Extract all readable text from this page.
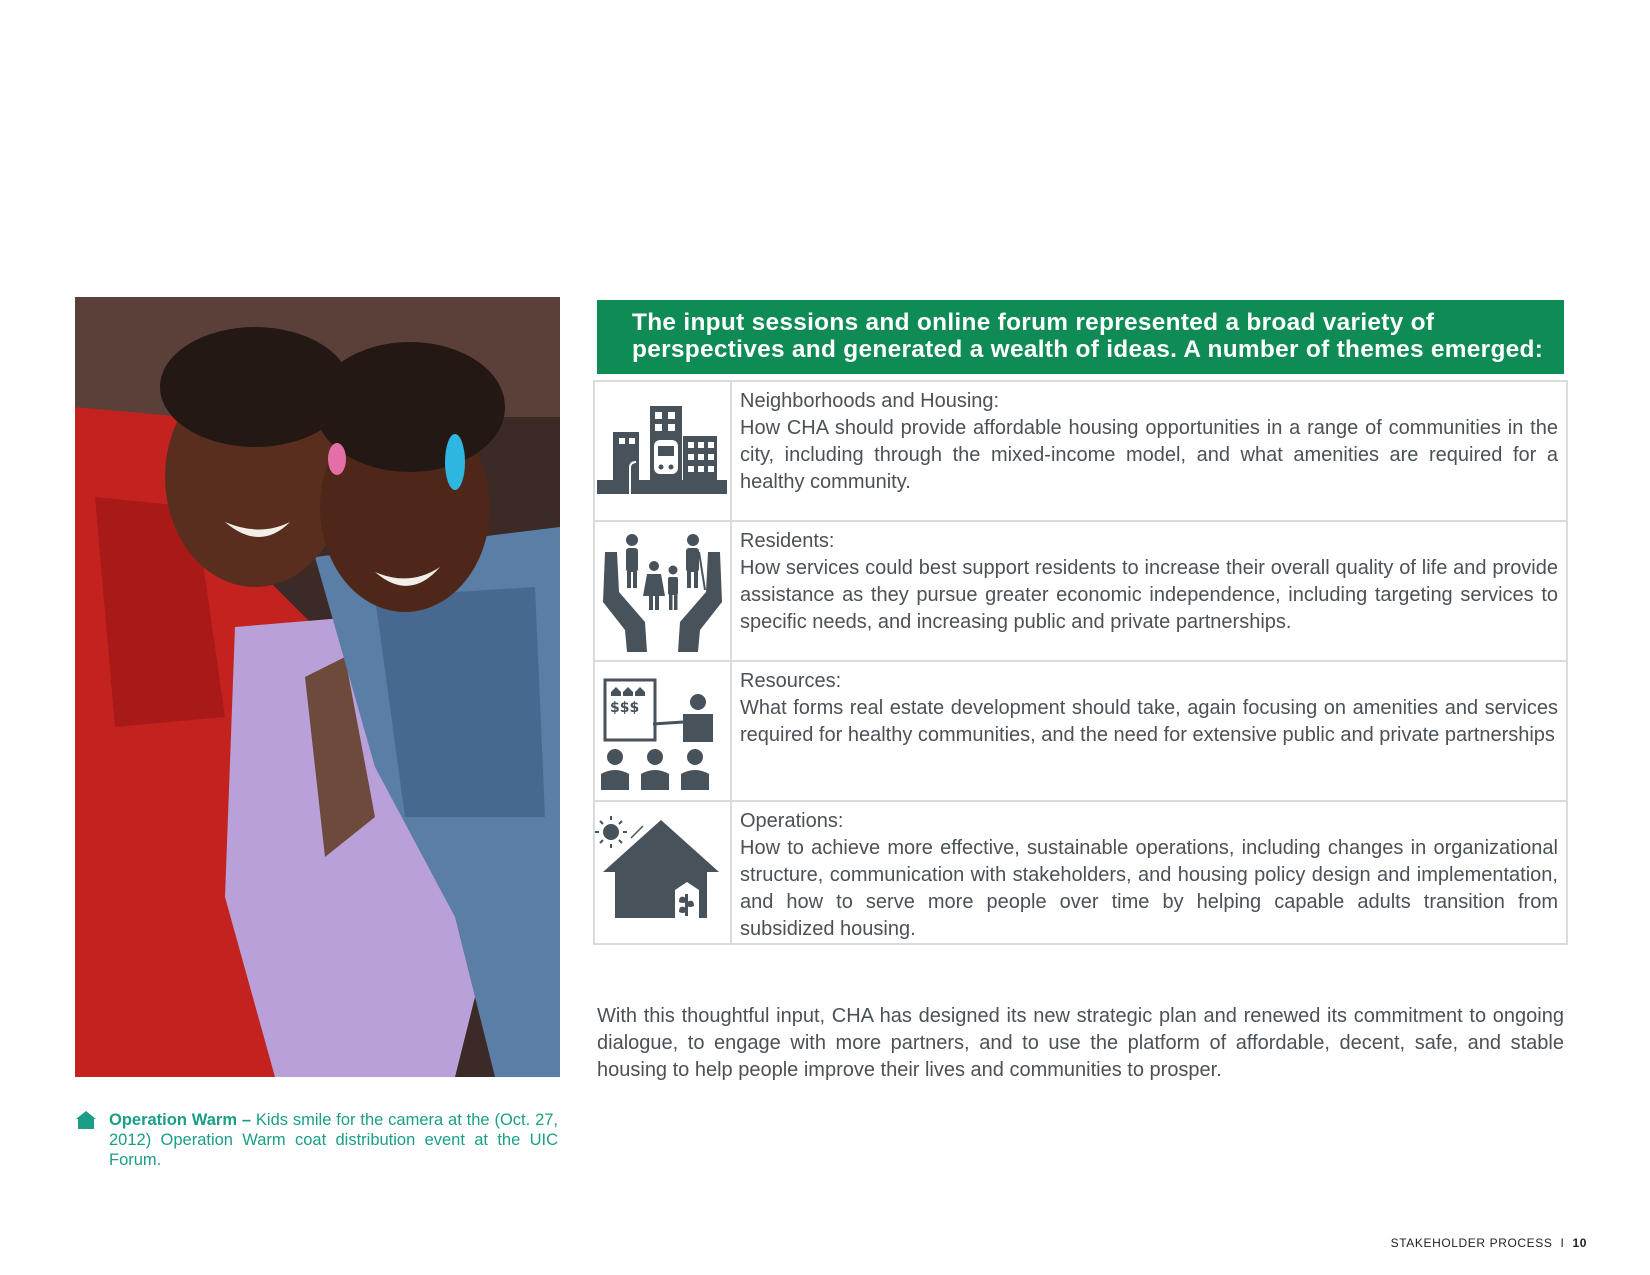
Operation Warm – Kids smile for the camera at the (Oct. 27, 2012) Operation Warm coat distribution event at the UIC Forum.
The input sessions and online forum represented a broad variety of
perspectives and generated a wealth of ideas. A number of themes emerged:

Neighborhoods and Housing:
How CHA should provide affordable housing opportunities in a range of communities in the city, including through the mixed-income model, and what amenities are required for a healthy community.

Residents:
How services could best support residents to increase their overall quality of life and provide assistance as they pursue greater economic independence, including targeting services to specific needs, and increasing public and private partnerships.

$$$	Resources:
What forms real estate development should take, again focusing on amenities and services required for healthy communities, and the need for extensive public and private partnerships

Operations:
How to achieve more effective, sustainable operations, including changes in organizational structure, communication with stakeholders, and housing policy design and implementation, and how to serve more people over time by helping capable adults transition from subsidized housing.
With this thoughtful input, CHA has designed its new strategic plan and renewed its commitment to ongoing dialogue, to engage with more partners, and to use the platform of affordable, decent, safe, and stable housing to help people improve their lives and communities to prosper.
STAKEHOLDER PROCESS I 10
